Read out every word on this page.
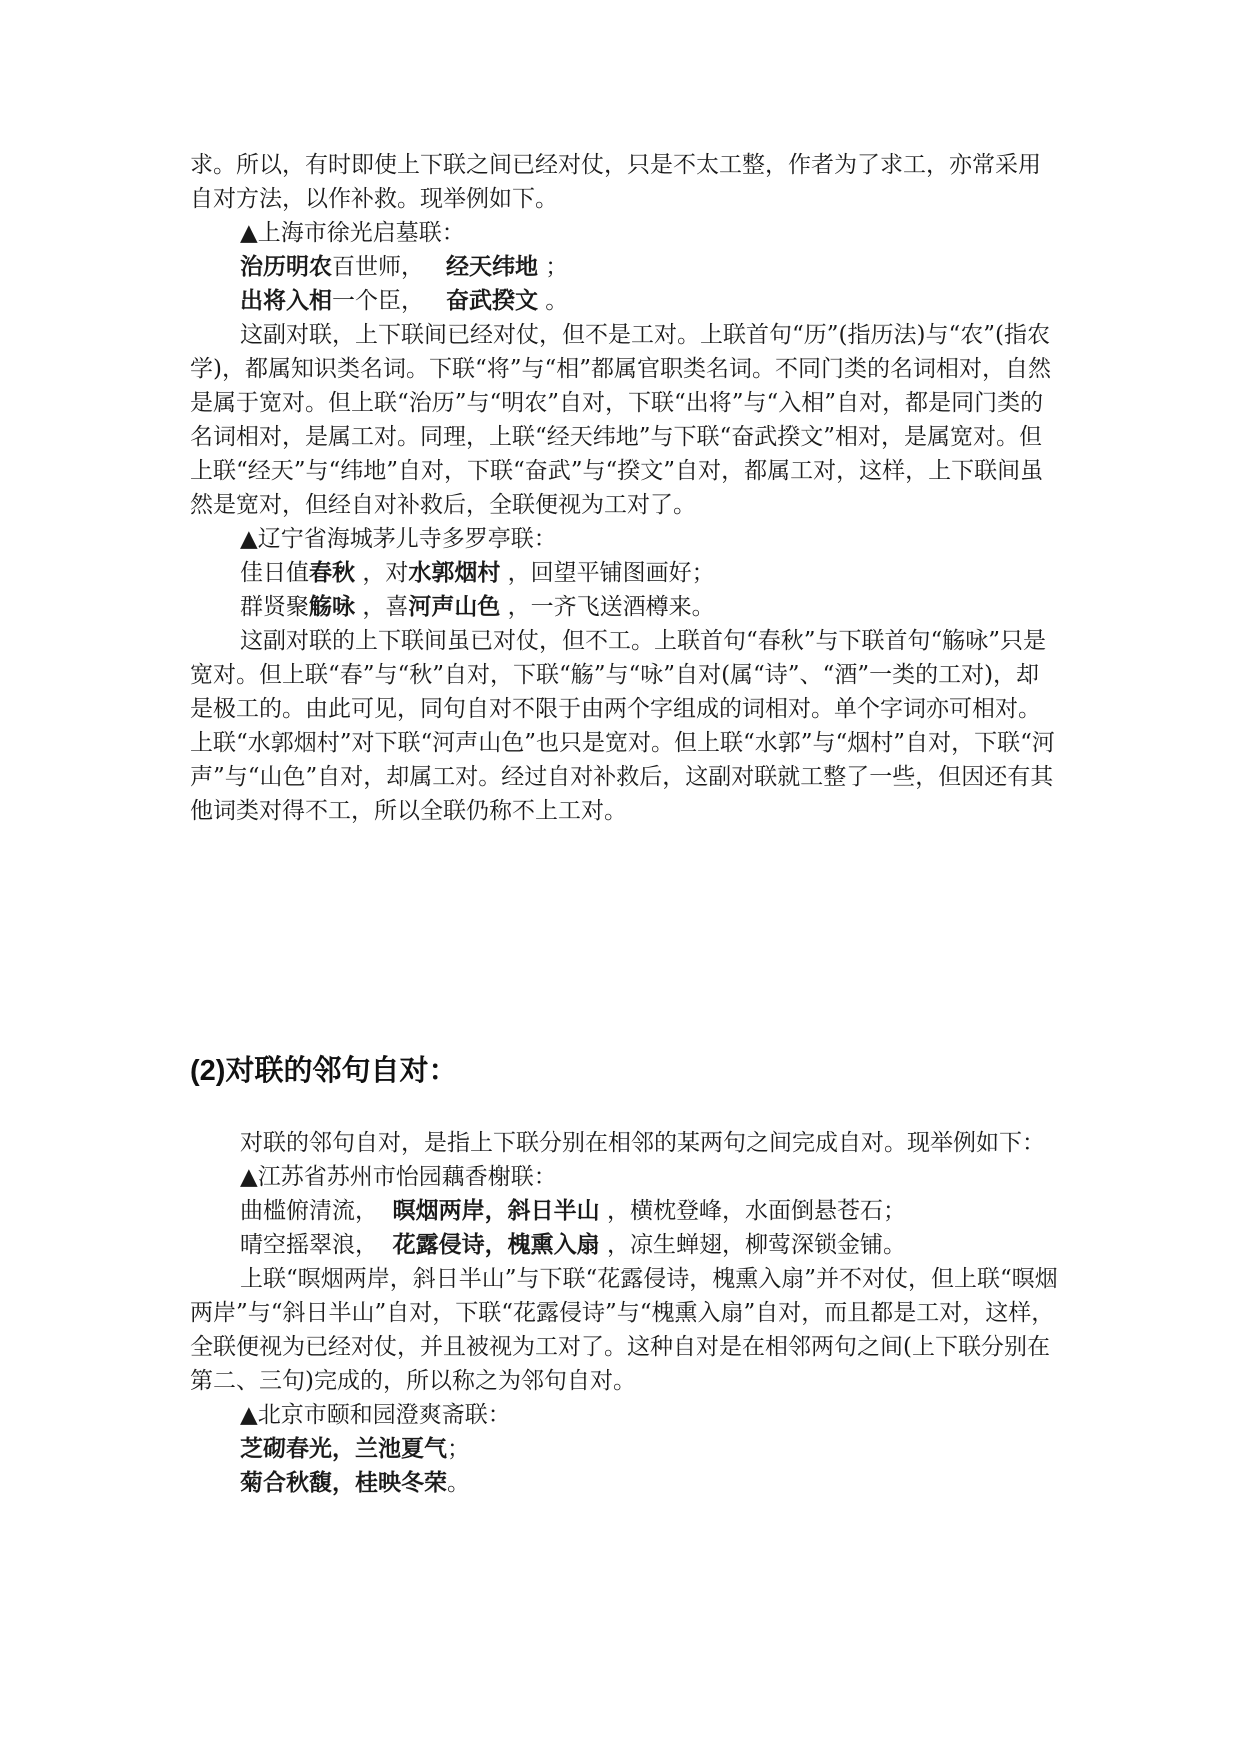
求。所以，有时即使上下联之间已经对仗，只是不太工整，作者为了求工，亦常采用自对方法，以作补救。现举例如下。

▲上海市徐光启墓联：

治历明农百世师， 经天纬地 ；

出将入相一个臣， 奋武揆文 。

这副对联，上下联间已经对仗，但不是工对。上联首句“历”(指历法)与“农”(指农学)，都属知识类名词。下联“将”与“相”都属官职类名词。不同门类的名词相对，自然是属于宽对。但上联“治历”与“明农”自对，下联“出将”与“入相”自对，都是同门类的名词相对，是属工对。同理，上联“经天纬地”与下联“奋武揆文”相对，是属宽对。但上联“经天”与“纬地”自对，下联“奋武”与“揆文”自对，都属工对，这样，上下联间虽然是宽对，但经自对补救后，全联便视为工对了。

▲辽宁省海城茅儿寺多罗亭联：

佳日值春秋 ，对水郭烟村 ，回望平铺图画好；

群贤聚觞咏 ，喜河声山色 ，一齐飞送酒樽来。

这副对联的上下联间虽已对仗，但不工。上联首句“春秋”与下联首句“觞咏”只是宽对。但上联“春”与“秋”自对，下联“觞”与“咏”自对(属“诗”、“酒”一类的工对)，却是极工的。由此可见，同句自对不限于由两个字组成的词相对。单个字词亦可相对。上联“水郭烟村”对下联“河声山色”也只是宽对。但上联“水郭”与“烟村”自对，下联“河声”与“山色”自对，却属工对。经过自对补救后，这副对联就工整了一些，但因还有其他词类对得不工，所以全联仍称不上工对。

(2)对联的邻句自对：

对联的邻句自对，是指上下联分别在相邻的某两句之间完成自对。现举例如下：

▲江苏省苏州市怡园藕香榭联：

曲槛俯清流， 暝烟两岸，斜日半山 ，横枕登峰，水面倒悬苍石；

晴空摇翠浪， 花露侵诗，槐熏入扇 ，凉生蝉翅，柳莺深锁金铺。

上联“暝烟两岸，斜日半山”与下联“花露侵诗，槐熏入扇”并不对仗，但上联“暝烟两岸”与“斜日半山”自对，下联“花露侵诗”与“槐熏入扇”自对，而且都是工对，这样，全联便视为已经对仗，并且被视为工对了。这种自对是在相邻两句之间(上下联分别在第二、三句)完成的，所以称之为邻句自对。

▲北京市颐和园澄爽斋联：

芝砌春光，兰池夏气；

菊合秋馥，桂映冬荣。
